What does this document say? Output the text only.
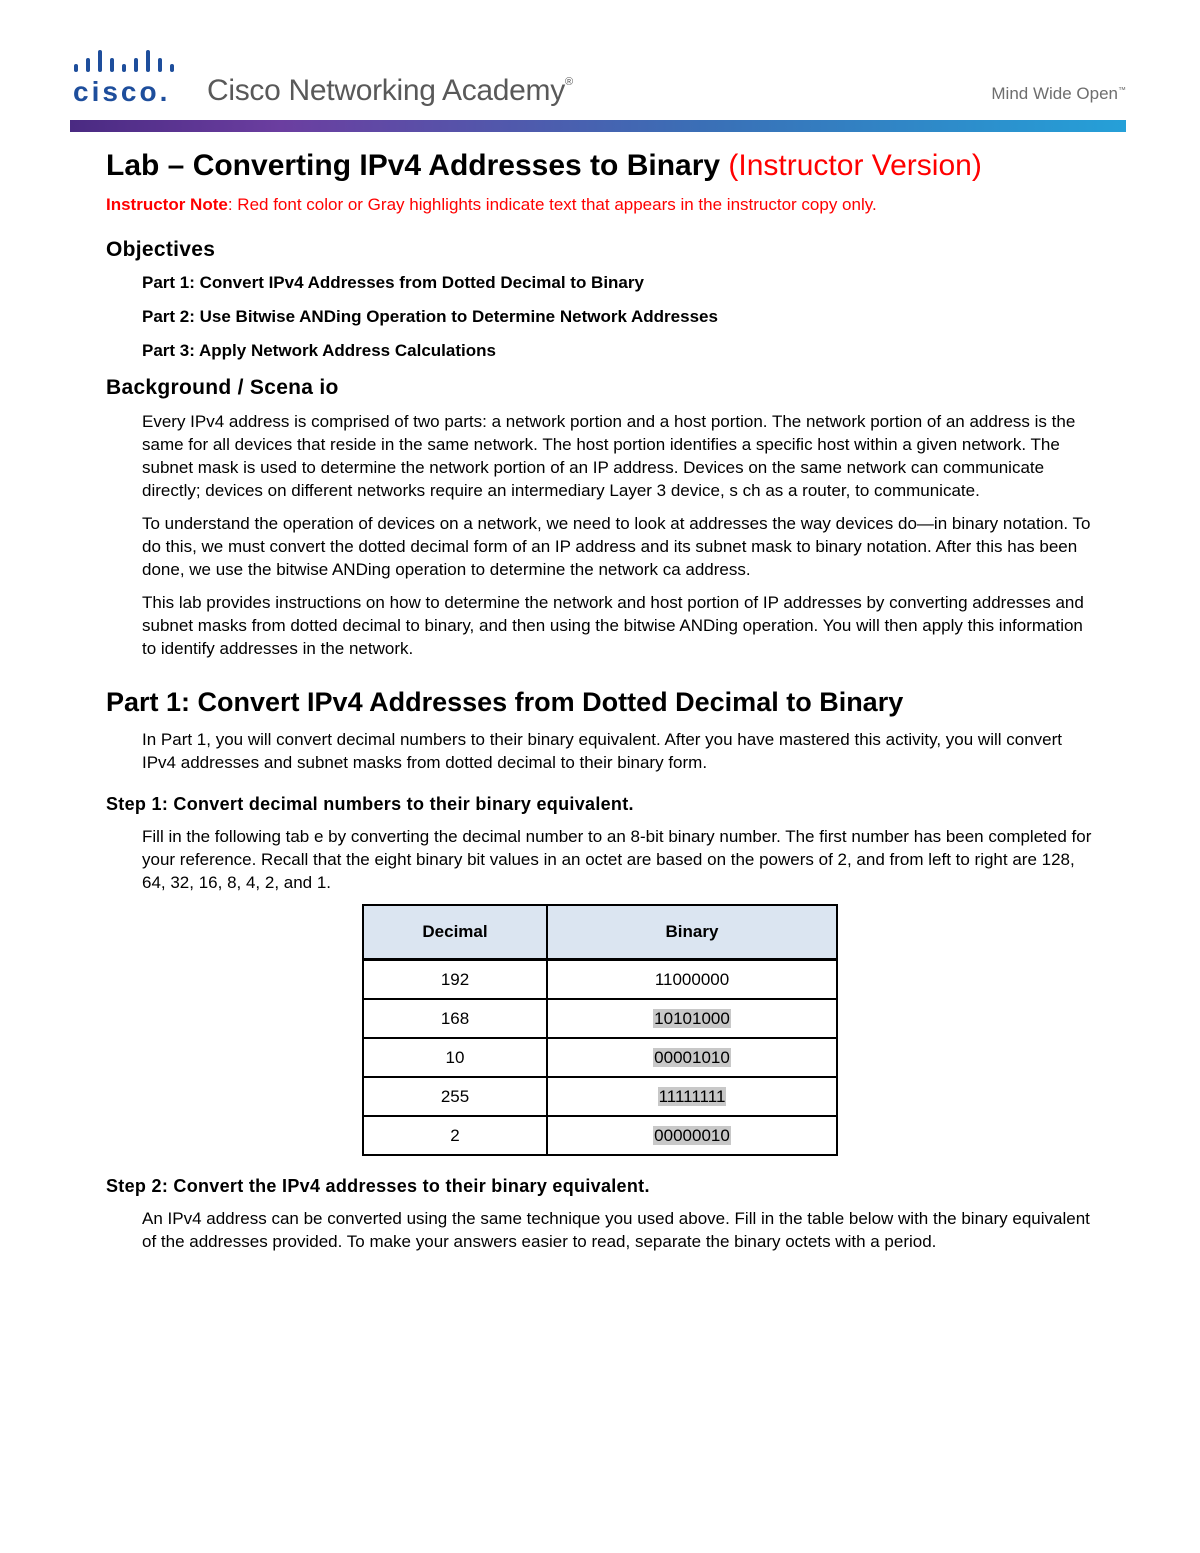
cisco. Cisco Networking Academy®
Mind Wide Open™
Lab – Converting IPv4 Addresses to Binary (Instructor Version)
Instructor Note: Red font color or Gray highlights indicate text that appears in the instructor copy only.
Objectives
Part 1: Convert IPv4 Addresses from Dotted Decimal to Binary
Part 2: Use Bitwise ANDing Operation to Determine Network Addresses
Part 3: Apply Network Address Calculations
Background / Scena io
Every IPv4 address is comprised of two parts: a network portion and a host portion. The network portion of an address is the same for all devices that reside in the same network. The host portion identifies a specific host within a given network. The subnet mask is used to determine the network portion of an IP address. Devices on the same network can communicate directly; devices on different networks require an intermediary Layer 3 device, s ch as a router, to communicate.
To understand the operation of devices on a network, we need to look at addresses the way devices do—in binary notation. To do this, we must convert the dotted decimal form of an IP address and its subnet mask to binary notation. After this has been done, we use the bitwise ANDing operation to determine the network ca address.
This lab provides instructions on how to determine the network and host portion of IP addresses by converting addresses and subnet masks from dotted decimal to binary, and then using the bitwise ANDing operation. You will then apply this information to identify addresses in the network.
Part 1: Convert IPv4 Addresses from Dotted Decimal to Binary
In Part 1, you will convert decimal numbers to their binary equivalent. After you have mastered this activity, you will convert IPv4 addresses and subnet masks from dotted decimal to their binary form.
Step 1: Convert decimal numbers to their binary equivalent.
Fill in the following tab e by converting the decimal number to an 8-bit binary number. The first number has been completed for your reference. Recall that the eight binary bit values in an octet are based on the powers of 2, and from left to right are 128, 64, 32, 16, 8, 4, 2, and 1.
Decimal	Binary
192	11000000
168	10101000
10	00001010
255	11111111
2	00000010
Step 2: Convert the IPv4 addresses to their binary equivalent.
An IPv4 address can be converted using the same technique you used above. Fill in the table below with the binary equivalent of the addresses provided. To make your answers easier to read, separate the binary octets with a period.
